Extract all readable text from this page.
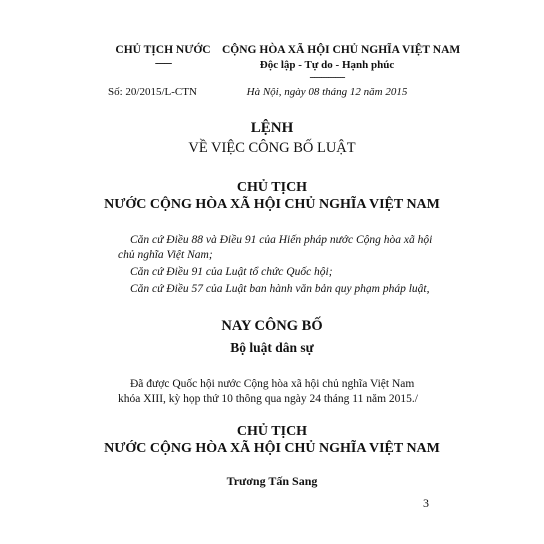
CHỦ TỊCH NƯỚC
-------
CỘNG HÒA XÃ HỘI CHỦ NGHĨA VIỆT NAM
Độc lập - Tự do - Hạnh phúc
---------------
Số: 20/2015/L-CTN	Hà Nội, ngày 08 tháng 12 năm 2015
LỆNH
VỀ VIỆC CÔNG BỐ LUẬT
CHỦ TỊCH
NƯỚC CỘNG HÒA XÃ HỘI CHỦ NGHĨA VIỆT NAM
Căn cứ Điều 88 và Điều 91 của Hiến pháp nước Cộng hòa xã hội
chủ nghĩa Việt Nam;
Căn cứ Điều 91 của Luật tổ chức Quốc hội;
Căn cứ Điều 57 của Luật ban hành văn bản quy phạm pháp luật,
NAY CÔNG BỐ
Bộ luật dân sự
Đã được Quốc hội nước Cộng hòa xã hội chủ nghĩa Việt Nam
khóa XIII, kỳ họp thứ 10 thông qua ngày 24 tháng 11 năm 2015./
CHỦ TỊCH
NƯỚC CỘNG HÒA XÃ HỘI CHỦ NGHĨA VIỆT NAM
Trương Tấn Sang
3
